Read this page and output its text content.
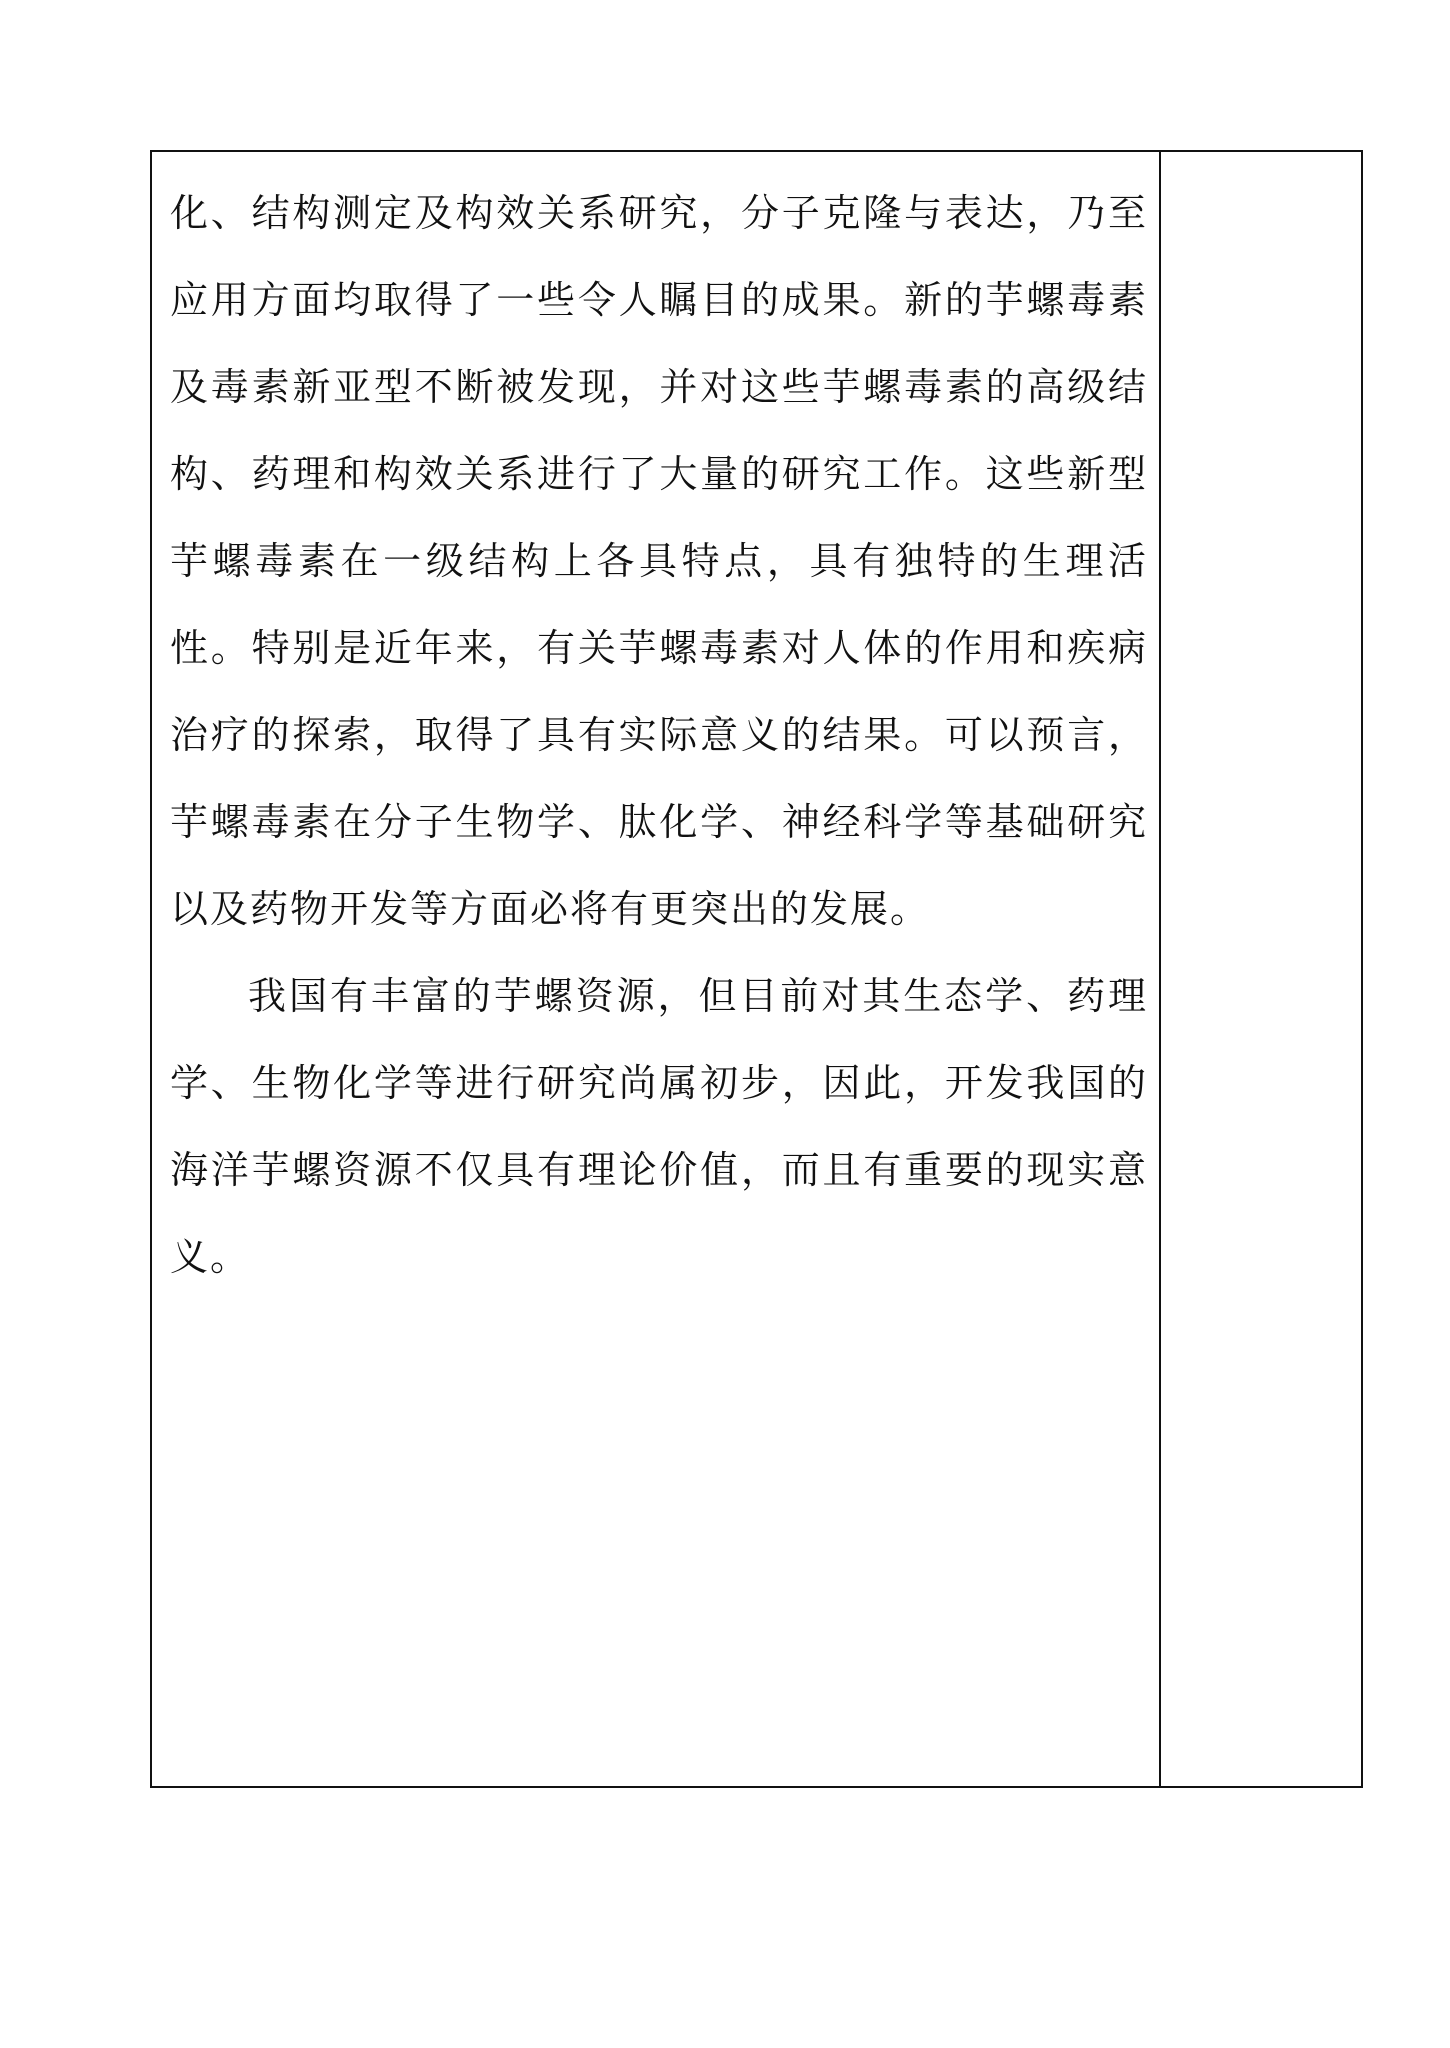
化、结构测定及构效关系研究，分子克隆与表达，乃至应用方面均取得了一些令人瞩目的成果。新的芋螺毒素及毒素新亚型不断被发现，并对这些芋螺毒素的高级结构、药理和构效关系进行了大量的研究工作。这些新型芋螺毒素在一级结构上各具特点，具有独特的生理活性。特别是近年来，有关芋螺毒素对人体的作用和疾病治疗的探索，取得了具有实际意义的结果。可以预言，芋螺毒素在分子生物学、肽化学、神经科学等基础研究以及药物开发等方面必将有更突出的发展。

我国有丰富的芋螺资源，但目前对其生态学、药理学、生物化学等进行研究尚属初步，因此，开发我国的海洋芋螺资源不仅具有理论价值，而且有重要的现实意义。
